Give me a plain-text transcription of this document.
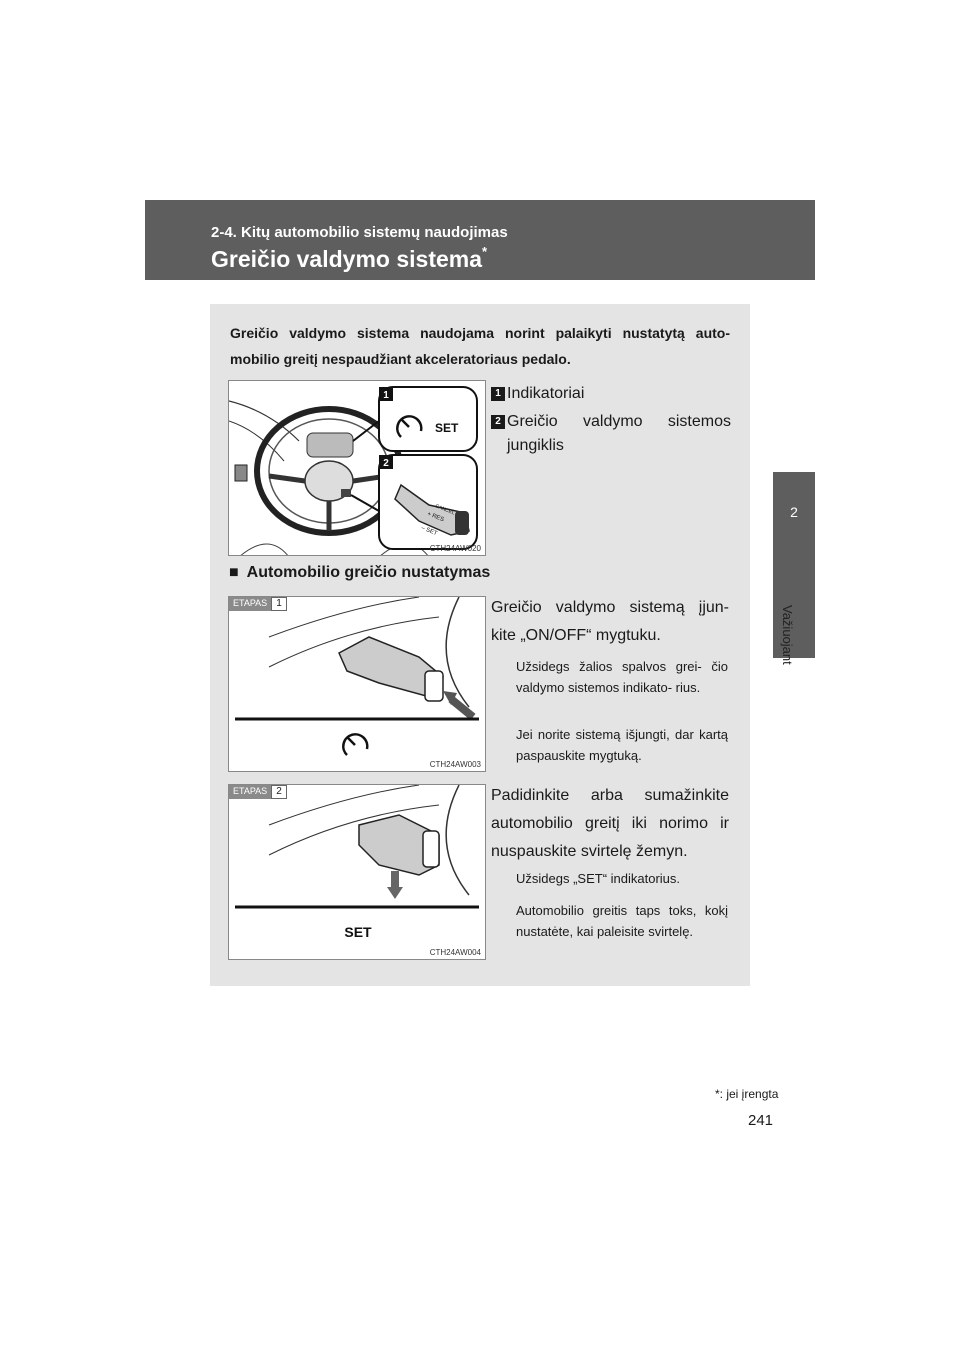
2-4. Kitų automobilio sistemų naudojimas
Greičio valdymo sistema*
2
Važiuojant
Greičio valdymo sistema naudojama norint palaikyti nustatytą auto- mobilio greitį nespaudžiant akceleratoriaus pedalo.
1
SET
2
CANCEL
+ RES
– SET
CTH24AW020
1 Indikatoriai
2 Greičio valdymo sistemos jungiklis
■ Automobilio greičio nustatymas
ETAPAS 1
CTH24AW003
Greičio valdymo sistemą įjun- kite „ON/OFF“ mygtuku.
Užsidegs žalios spalvos grei- čio valdymo sistemos indikato- rius.
Jei norite sistemą išjungti, dar kartą paspauskite mygtuką.
ETAPAS 2
SET
CTH24AW004
Padidinkite arba sumažinkite automobilio greitį iki norimo ir nuspauskite svirtelę žemyn.
Užsidegs „SET“ indikatorius.
Automobilio greitis taps toks, kokį nustatėte, kai paleisite svirtelę.
*: jei įrengta
241
